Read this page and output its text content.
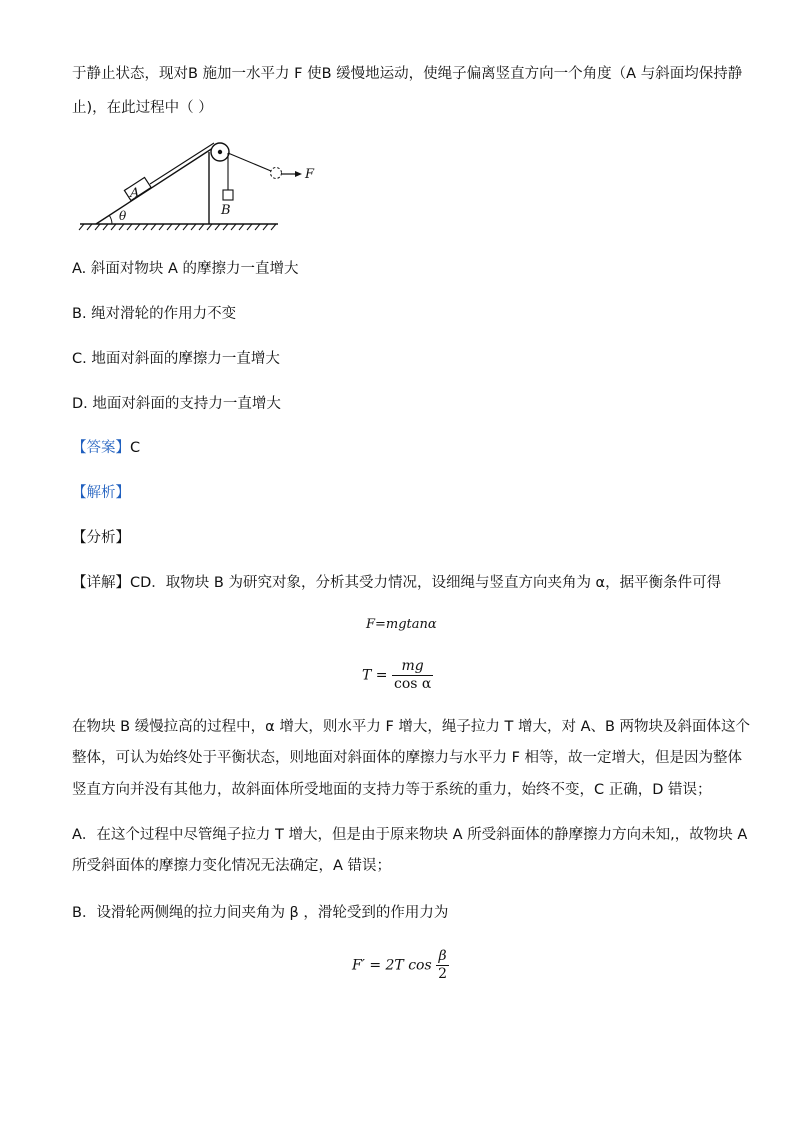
于静止状态，现对B 施加一水平力 F 使B 缓慢地运动，使绳子偏离竖直方向一个角度（A 与斜面均保持静
止)，在此过程中（ ）
θ
A
B
F
A. 斜面对物块 A 的摩擦力一直增大
B. 绳对滑轮的作用力不变
C. 地面对斜面的摩擦力一直增大
D. 地面对斜面的支持力一直增大
【答案】C
【解析】
【分析】
【详解】CD．取物块 B 为研究对象，分析其受力情况，设细绳与竖直方向夹角为 α，据平衡条件可得
F=mgtanα
$T = \frac{mg}{\text{cos α}}$
在物块 B 缓慢拉高的过程中，α 增大，则水平力 F 增大，绳子拉力 T 增大，对 A、B 两物块及斜面体这个
整体，可认为始终处于平衡状态，则地面对斜面体的摩擦力与水平力 F 相等，故一定增大，但是因为整体
竖直方向并没有其他力，故斜面体所受地面的支持力等于系统的重力，始终不变，C 正确，D 错误；
A．在这个过程中尽管绳子拉力 T 增大，但是由于原来物块 A 所受斜面体的静摩擦力方向未知,，故物块 A
所受斜面体的摩擦力变化情况无法确定，A 错误；
B．设滑轮两侧绳的拉力间夹角为 β ，滑轮受到的作用力为
F′ = 2T $\cos \frac{\beta}{2}$
